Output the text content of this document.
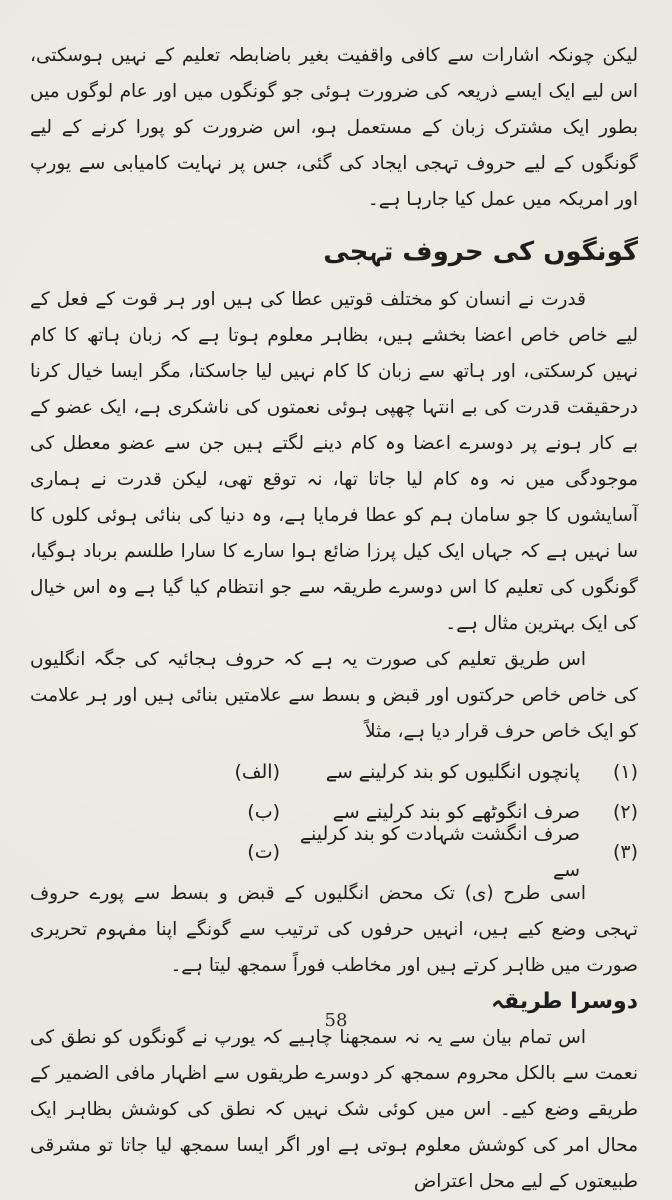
لیکن چونکہ اشارات سے کافی واقفیت بغیر باضابطہ تعلیم کے نہیں ہوسکتی، اس لیے ایک ایسے ذریعہ کی ضرورت ہوئی جو گونگوں میں اور عام لوگوں میں بطور ایک مشترک زبان کے مستعمل ہو، اس ضرورت کو پورا کرنے کے لیے گونگوں کے لیے حروف تہجی ایجاد کی گئی، جس پر نہایت کامیابی سے یورپ اور امریکہ میں عمل کیا جارہا ہے۔

گونگوں کی حروف تہجی

قدرت نے انسان کو مختلف قوتیں عطا کی ہیں اور ہر قوت کے فعل کے لیے خاص خاص اعضا بخشے ہیں، بظاہر معلوم ہوتا ہے کہ زبان ہاتھ کا کام نہیں کرسکتی، اور ہاتھ سے زبان کا کام نہیں لیا جاسکتا، مگر ایسا خیال کرنا درحقیقت قدرت کی بے انتہا چھپی ہوئی نعمتوں کی ناشکری ہے، ایک عضو کے بے کار ہونے پر دوسرے اعضا وہ کام دینے لگتے ہیں جن سے عضو معطل کی موجودگی میں نہ وہ کام لیا جاتا تھا، نہ توقع تھی، لیکن قدرت نے ہماری آسایشوں کا جو سامان ہم کو عطا فرمایا ہے، وہ دنیا کی بنائی ہوئی کلوں کا سا نہیں ہے کہ جہاں ایک کیل پرزا ضائع ہوا سارے کا سارا طلسم برباد ہوگیا، گونگوں کی تعلیم کا اس دوسرے طریقہ سے جو انتظام کیا گیا ہے وہ اس خیال کی ایک بہترین مثال ہے۔

اس طریق تعلیم کی صورت یہ ہے کہ حروف ہجائیہ کی جگہ انگلیوں کی خاص خاص حرکتوں اور قبض و بسط سے علامتیں بنائی ہیں اور ہر علامت کو ایک خاص حرف قرار دیا ہے، مثلاً

(۱)
پانچوں انگلیوں کو بند کرلینے سے
(الف)
(۲)
صرف انگوٹھے کو بند کرلینے سے
(ب)
(۳)
صرف انگشت شہادت کو بند کرلینے سے
(ت)

اسی طرح (ی) تک محض انگلیوں کے قبض و بسط سے پورے حروف تہجی وضع کیے ہیں، انہیں حرفوں کی ترتیب سے گونگے اپنا مفہوم تحریری صورت میں ظاہر کرتے ہیں اور مخاطب فوراً سمجھ لیتا ہے۔

دوسرا طریقہ

اس تمام بیان سے یہ نہ سمجھنا چاہیے کہ یورپ نے گونگوں کو نطق کی نعمت سے بالکل محروم سمجھ کر دوسرے طریقوں سے اظہار مافی الضمیر کے طریقے وضع کیے۔ اس میں کوئی شک نہیں کہ نطق کی کوشش بظاہر ایک محال امر کی کوشش معلوم ہوتی ہے اور اگر ایسا سمجھ لیا جاتا تو مشرقی طبیعتوں کے لیے محل اعتراض

58
